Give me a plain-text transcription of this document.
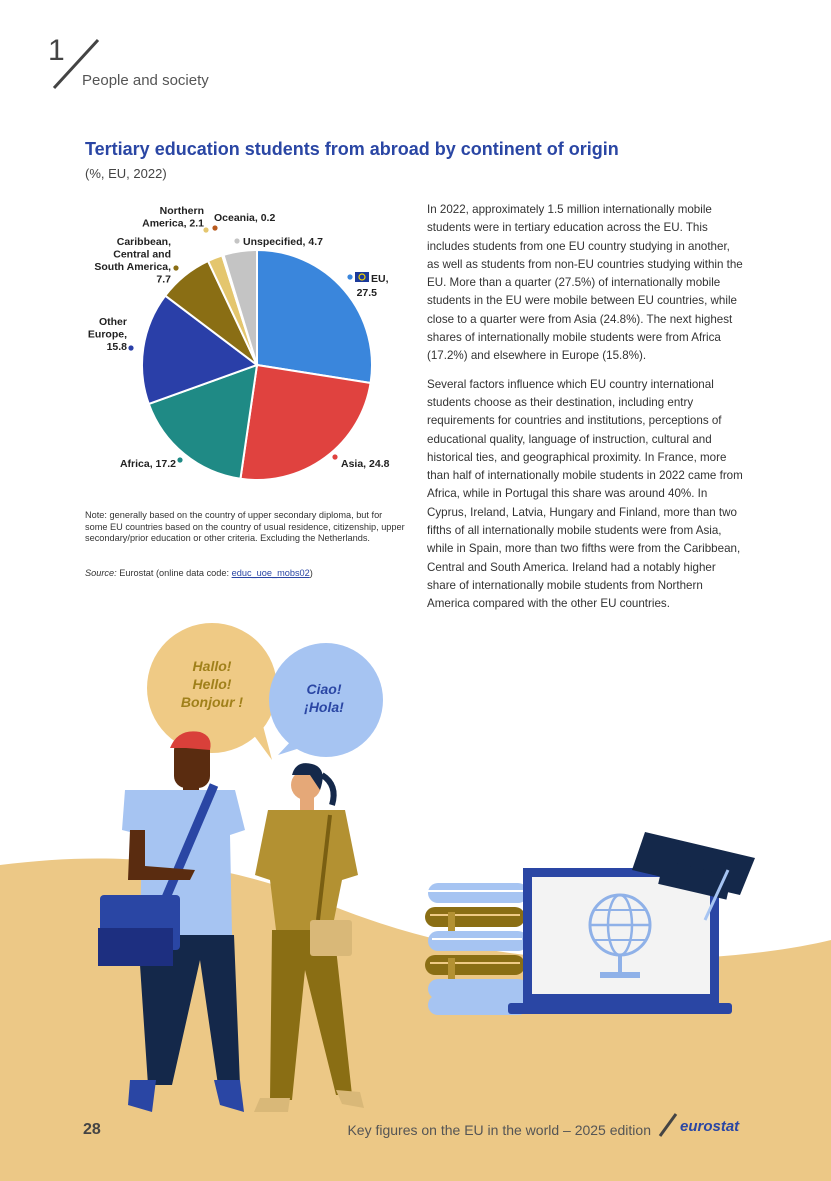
1
People and society
Tertiary education students from abroad by continent of origin
(%, EU, 2022)
EU,
27.5
Asia, 24.8
Africa, 17.2
Other
Europe,
15.8
Caribbean,
Central and
South America,
7.7
Northern
America, 2.1 Oceania, 0.2
Unspecified, 4.7
Hallo!
Hello!
Bonjour !
Ciao!
¡Hola!

In 2022, approximately 1.5 million internationally mobile students were in tertiary education across the EU. This includes students from one EU country studying in another, as well as students from non-EU countries studying within the EU. More than a quarter (27.5%) of internationally mobile students in the EU were mobile between EU countries, while close to a quarter were from Asia (24.8%). The next highest shares of internationally mobile students were from Africa (17.2%) and elsewhere in Europe (15.8%).

Several factors influence which EU country international students choose as their destination, including entry requirements for countries and institutions, perceptions of educational quality, language of instruction, cultural and historical ties, and geographical proximity. In France, more than half of internationally mobile students in 2022 came from Africa, while in Portugal this share was around 40%. In Cyprus, Ireland, Latvia, Hungary and Finland, more than two fifths of all internationally mobile students were from Asia, while in Spain, more than two fifths were from the Caribbean, Central and South America. Ireland had a notably higher share of internationally mobile students from Northern America compared with the other EU countries.

Note: generally based on the country of upper secondary diploma, but for some EU countries based on the country of usual residence, citizenship, upper secondary/prior education or other criteria. Excluding the Netherlands.
Source: Eurostat (online data code: educ_uoe_mobs02)
28	Key figures on the EU in the world – 2025 edition eurostat
